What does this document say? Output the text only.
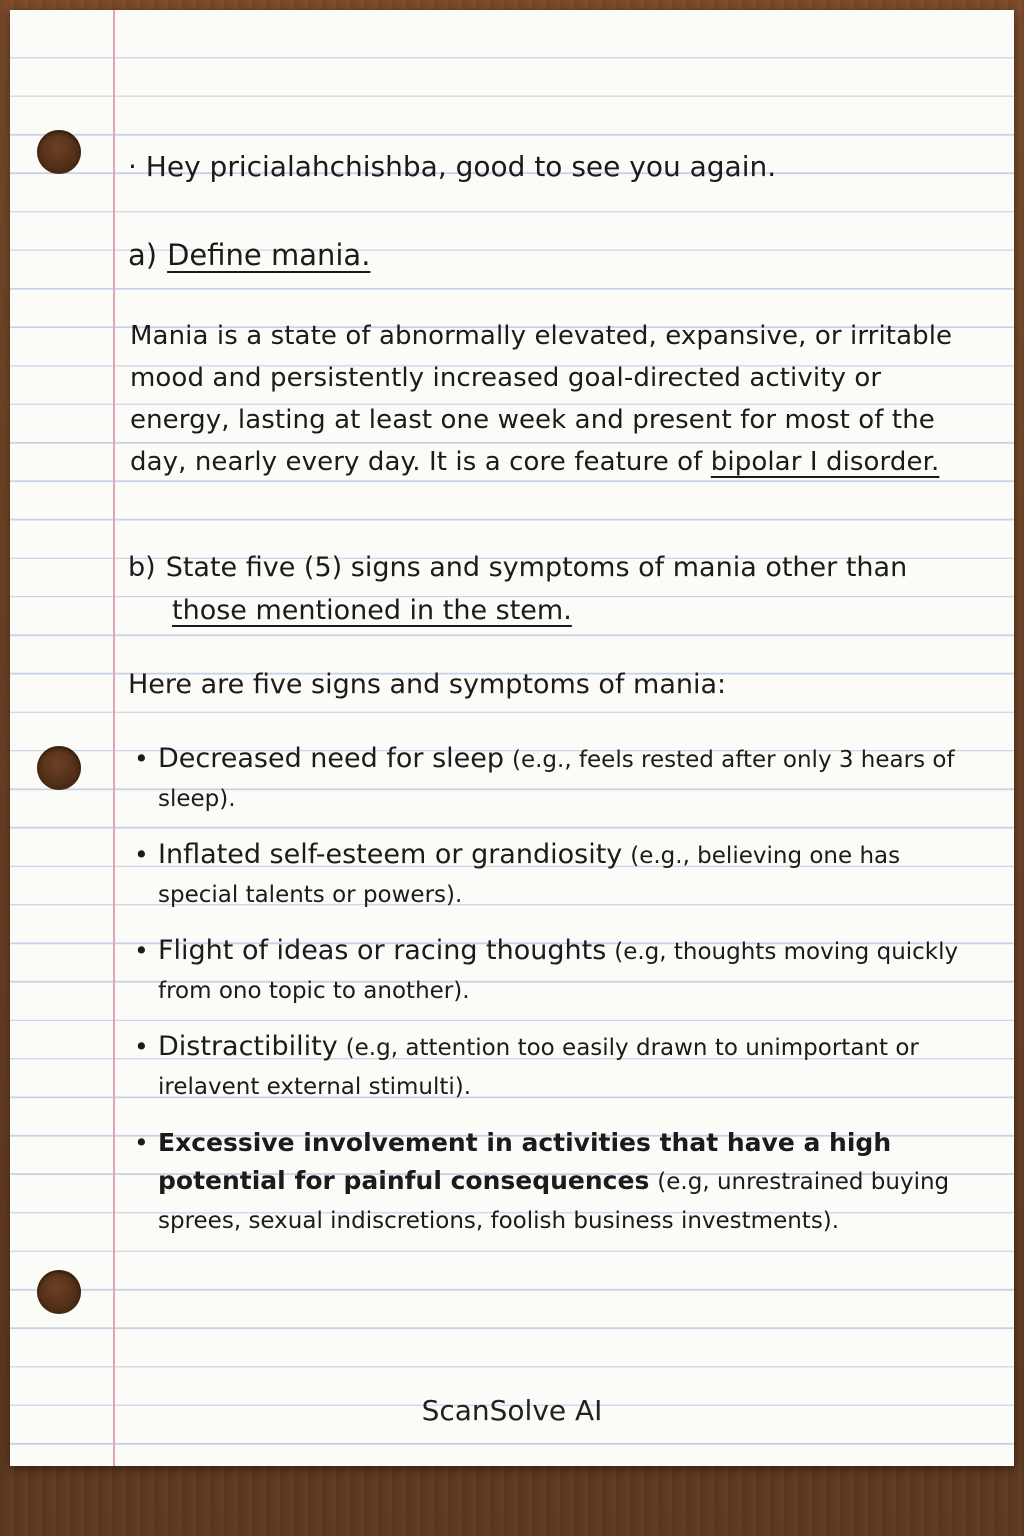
· Hey pricialahchishba, good to see you again.
a) Define mania.
Mania is a state of abnormally elevated, expansive, or irritable mood and persistently increased goal-directed activity or energy, lasting at least one week and present for most of the day, nearly every day. It is a core feature of bipolar I disorder.
b) State five (5) signs and symptoms of mania other than
those mentioned in the stem.
Here are five signs and symptoms of mania:
• Decreased need for sleep (e.g., feels rested after only 3 hears of sleep).
• Inflated self-esteem or grandiosity (e.g., believing one has special talents or powers).
• Flight of ideas or racing thoughts (e.g, thoughts moving quickly from ono topic to another).
• Distractibility (e.g, attention too easily drawn to unimportant or irelavent external stimulti).
• Excessive involvement in activities that have a high potential for painful consequences (e.g, unrestrained buying sprees, sexual indiscretions, foolish business investments).
ScanSolve AI
